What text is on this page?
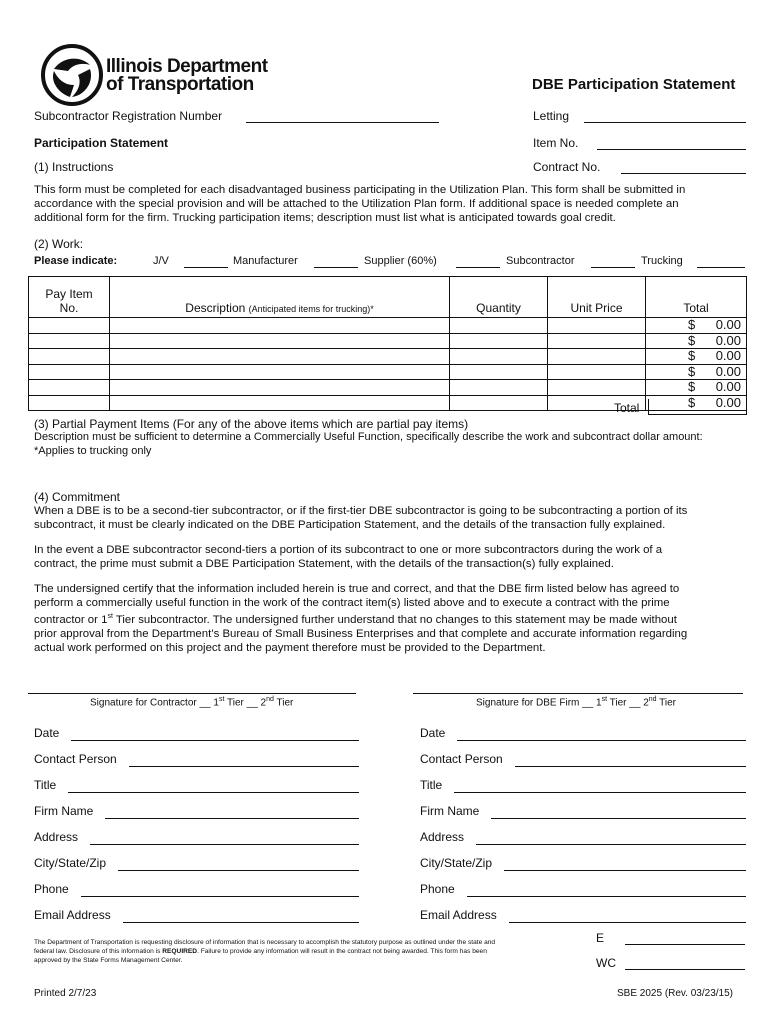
Illinois Department
of Transportation	DBE Participation Statement
Subcontractor Registration Number	Letting
Participation Statement	Item No.
(1) Instructions	Contract No.
This form must be completed for each disadvantaged business participating in the Utilization Plan. This form shall be submitted in
accordance with the special provision and will be attached to the Utilization Plan form. If additional space is needed complete an
additional form for the firm. Trucking participation items; description must list what is anticipated towards goal credit.
(2) Work:
Please indicate:	J/V	Manufacturer	Supplier (60%)	Subcontractor	Trucking
Pay Item
No.	Description (Anticipated items for trucking)*	Quantity	Unit Price	Total

				$ 0.00

				$ 0.00

				$ 0.00

				$ 0.00

				$ 0.00

				$ 0.00
Total
(3) Partial Payment Items (For any of the above items which are partial pay items)
Description must be sufficient to determine a Commercially Useful Function, specifically describe the work and subcontract dollar amount:
*Applies to trucking only
(4) Commitment
When a DBE is to be a second-tier subcontractor, or if the first-tier DBE subcontractor is going to be subcontracting a portion of its
subcontract, it must be clearly indicated on the DBE Participation Statement, and the details of the transaction fully explained.
In the event a DBE subcontractor second-tiers a portion of its subcontract to one or more subcontractors during the work of a
contract, the prime must submit a DBE Participation Statement, with the details of the transaction(s) fully explained.
The undersigned certify that the information included herein is true and correct, and that the DBE firm listed below has agreed to
perform a commercially useful function in the work of the contract item(s) listed above and to execute a contract with the prime
contractor or 1st Tier subcontractor. The undersigned further understand that no changes to this statement may be made without
prior approval from the Department’s Bureau of Small Business Enterprises and that complete and accurate information regarding
actual work performed on this project and the payment therefore must be provided to the Department.
Signature for Contractor __ 1st Tier __ 2nd Tier	Signature for DBE Firm __ 1st Tier __ 2nd Tier
Date
Contact Person
Title
Firm Name
Address
City/State/Zip
Phone
Email Address
Date
Contact Person
Title
Firm Name
Address
City/State/Zip
Phone
Email Address
The Department of Transportation is requesting disclosure of information that is necessary to accomplish the statutory purpose as outlined under the state and
federal law. Disclosure of this information is REQUIRED. Failure to provide any information will result in the contract not being awarded. This form has been
approved by the State Forms Management Center.
E
WC
Printed 2/7/23	SBE 2025 (Rev. 03/23/15)
